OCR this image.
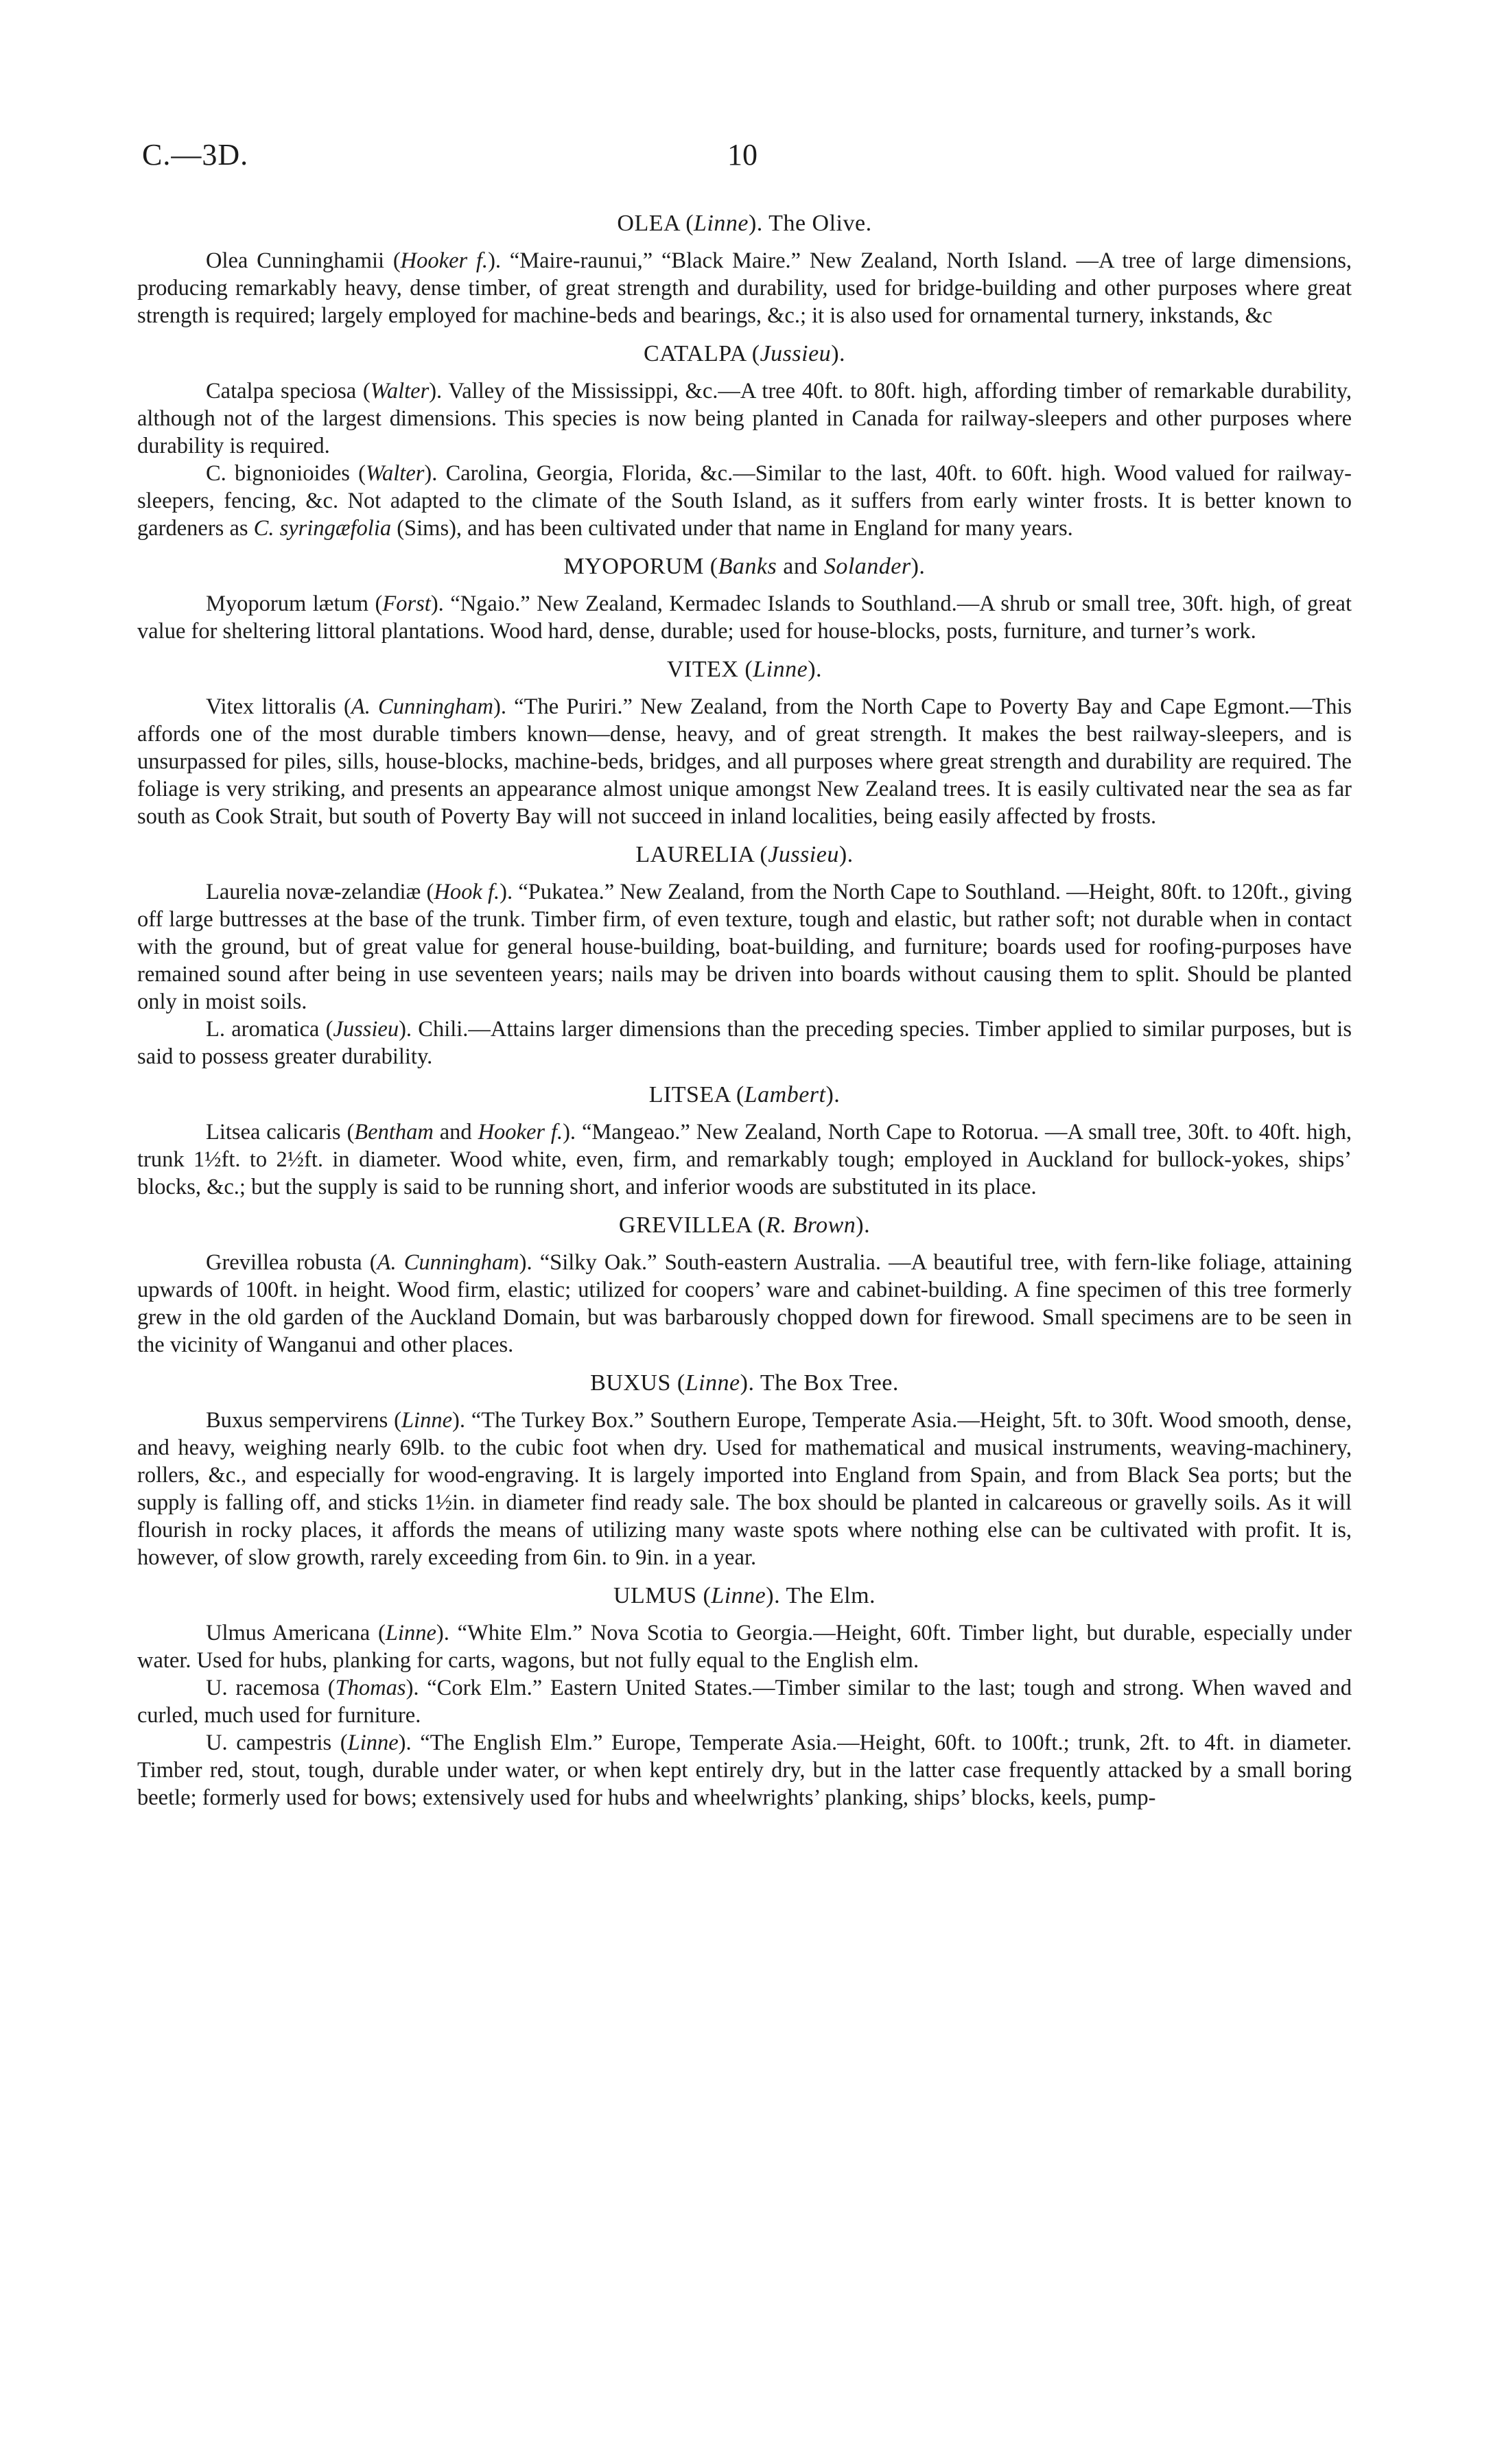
C.—3D.	10
OLEA (Linne). The Olive.

Olea Cunninghamii (Hooker f.). “Maire-raunui,” “Black Maire.” New Zealand, North Island. —A tree of large dimensions, producing remarkably heavy, dense timber, of great strength and durability, used for bridge-building and other purposes where great strength is required; largely employed for machine-beds and bearings, &c.; it is also used for ornamental turnery, inkstands, &c

CATALPA (Jussieu).

Catalpa speciosa (Walter). Valley of the Mississippi, &c.—A tree 40ft. to 80ft. high, affording timber of remarkable durability, although not of the largest dimensions. This species is now being planted in Canada for railway-sleepers and other purposes where durability is required.

C. bignonioides (Walter). Carolina, Georgia, Florida, &c.—Similar to the last, 40ft. to 60ft. high. Wood valued for railway-sleepers, fencing, &c. Not adapted to the climate of the South Island, as it suffers from early winter frosts. It is better known to gardeners as C. syringæfolia (Sims), and has been cultivated under that name in England for many years.

MYOPORUM (Banks and Solander).

Myoporum lætum (Forst). “Ngaio.” New Zealand, Kermadec Islands to Southland.—A shrub or small tree, 30ft. high, of great value for sheltering littoral plantations. Wood hard, dense, durable; used for house-blocks, posts, furniture, and turner’s work.

VITEX (Linne).

Vitex littoralis (A. Cunningham). “The Puriri.” New Zealand, from the North Cape to Poverty Bay and Cape Egmont.—This affords one of the most durable timbers known—dense, heavy, and of great strength. It makes the best railway-sleepers, and is unsurpassed for piles, sills, house-blocks, machine-beds, bridges, and all purposes where great strength and durability are required. The foliage is very striking, and presents an appearance almost unique amongst New Zealand trees. It is easily cultivated near the sea as far south as Cook Strait, but south of Poverty Bay will not succeed in inland localities, being easily affected by frosts.

LAURELIA (Jussieu).

Laurelia novæ-zelandiæ (Hook f.). “Pukatea.” New Zealand, from the North Cape to Southland. —Height, 80ft. to 120ft., giving off large buttresses at the base of the trunk. Timber firm, of even texture, tough and elastic, but rather soft; not durable when in contact with the ground, but of great value for general house-building, boat-building, and furniture; boards used for roofing-purposes have remained sound after being in use seventeen years; nails may be driven into boards without causing them to split. Should be planted only in moist soils.

L. aromatica (Jussieu). Chili.—Attains larger dimensions than the preceding species. Timber applied to similar purposes, but is said to possess greater durability.

LITSEA (Lambert).

Litsea calicaris (Bentham and Hooker f.). “Mangeao.” New Zealand, North Cape to Rotorua. —A small tree, 30ft. to 40ft. high, trunk 1½ft. to 2½ft. in diameter. Wood white, even, firm, and remarkably tough; employed in Auckland for bullock-yokes, ships’ blocks, &c.; but the supply is said to be running short, and inferior woods are substituted in its place.

GREVILLEA (R. Brown).

Grevillea robusta (A. Cunningham). “Silky Oak.” South-eastern Australia. —A beautiful tree, with fern-like foliage, attaining upwards of 100ft. in height. Wood firm, elastic; utilized for coopers’ ware and cabinet-building. A fine specimen of this tree formerly grew in the old garden of the Auckland Domain, but was barbarously chopped down for firewood. Small specimens are to be seen in the vicinity of Wanganui and other places.

BUXUS (Linne). The Box Tree.

Buxus sempervirens (Linne). “The Turkey Box.” Southern Europe, Temperate Asia.—Height, 5ft. to 30ft. Wood smooth, dense, and heavy, weighing nearly 69lb. to the cubic foot when dry. Used for mathematical and musical instruments, weaving-machinery, rollers, &c., and especially for wood-engraving. It is largely imported into England from Spain, and from Black Sea ports; but the supply is falling off, and sticks 1½in. in diameter find ready sale. The box should be planted in calcareous or gravelly soils. As it will flourish in rocky places, it affords the means of utilizing many waste spots where nothing else can be cultivated with profit. It is, however, of slow growth, rarely exceeding from 6in. to 9in. in a year.

ULMUS (Linne). The Elm.

Ulmus Americana (Linne). “White Elm.” Nova Scotia to Georgia.—Height, 60ft. Timber light, but durable, especially under water. Used for hubs, planking for carts, wagons, but not fully equal to the English elm.

U. racemosa (Thomas). “Cork Elm.” Eastern United States.—Timber similar to the last; tough and strong. When waved and curled, much used for furniture.

U. campestris (Linne). “The English Elm.” Europe, Temperate Asia.—Height, 60ft. to 100ft.; trunk, 2ft. to 4ft. in diameter. Timber red, stout, tough, durable under water, or when kept entirely dry, but in the latter case frequently attacked by a small boring beetle; formerly used for bows; extensively used for hubs and wheelwrights’ planking, ships’ blocks, keels, pump-
